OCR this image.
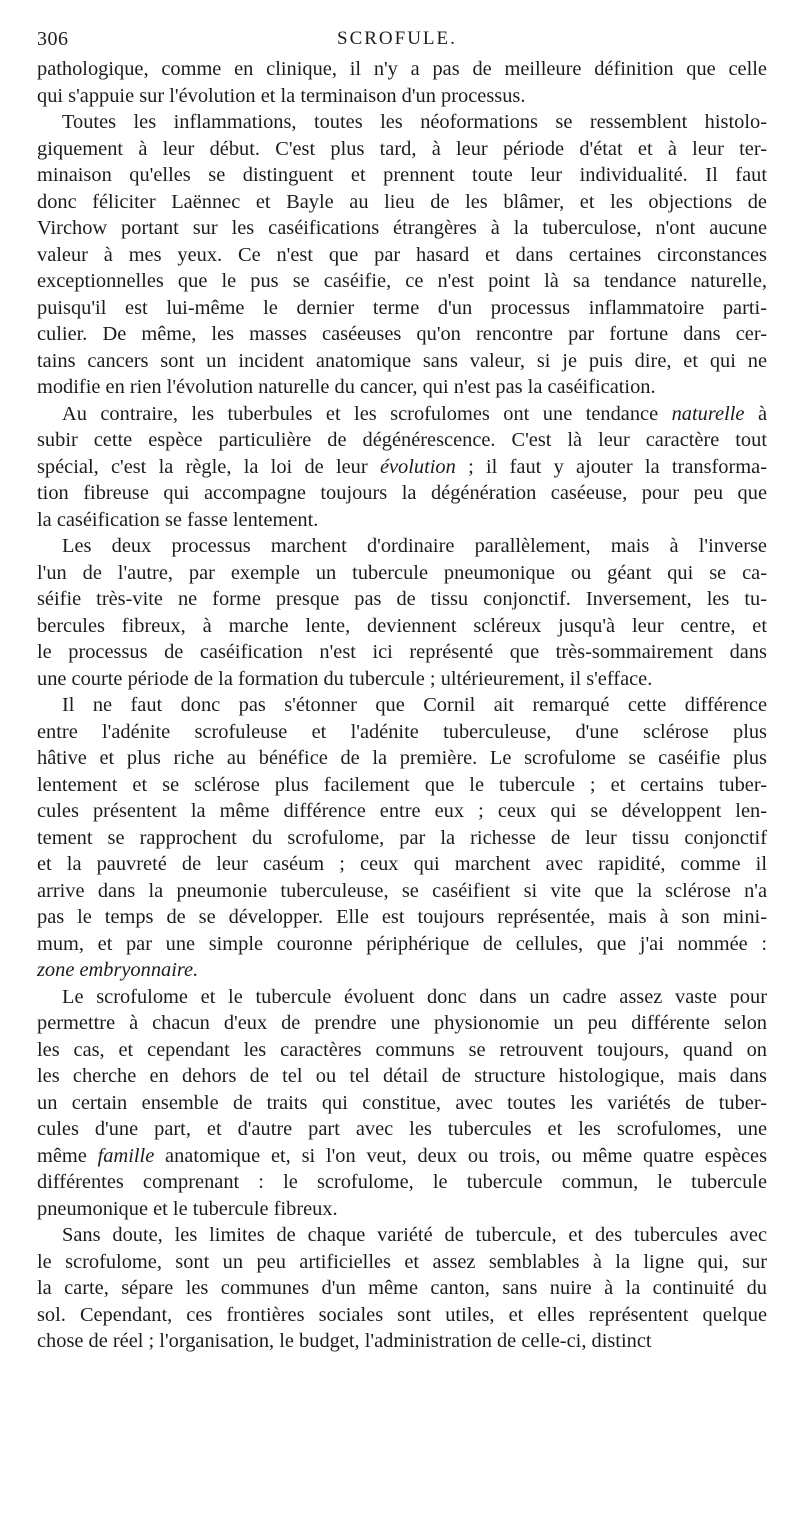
306	SCROFULE.
pathologique, comme en clinique, il n'y a pas de meilleure définition que celle
qui s'appuie sur l'évolution et la terminaison d'un processus.
Toutes les inflammations, toutes les néoformations se ressemblent histolo-
giquement à leur début. C'est plus tard, à leur période d'état et à leur ter-
minaison qu'elles se distinguent et prennent toute leur individualité. Il faut
donc féliciter Laënnec et Bayle au lieu de les blâmer, et les objections de
Virchow portant sur les caséifications étrangères à la tuberculose, n'ont aucune
valeur à mes yeux. Ce n'est que par hasard et dans certaines circonstances
exceptionnelles que le pus se caséifie, ce n'est point là sa tendance naturelle,
puisqu'il est lui-même le dernier terme d'un processus inflammatoire parti-
culier. De même, les masses caséeuses qu'on rencontre par fortune dans cer-
tains cancers sont un incident anatomique sans valeur, si je puis dire, et qui ne
modifie en rien l'évolution naturelle du cancer, qui n'est pas la caséification.
Au contraire, les tuberbules et les scrofulomes ont une tendance naturelle à
subir cette espèce particulière de dégénérescence. C'est là leur caractère tout
spécial, c'est la règle, la loi de leur évolution ; il faut y ajouter la transforma-
tion fibreuse qui accompagne toujours la dégénération caséeuse, pour peu que
la caséification se fasse lentement.
Les deux processus marchent d'ordinaire parallèlement, mais à l'inverse
l'un de l'autre, par exemple un tubercule pneumonique ou géant qui se ca-
séifie très-vite ne forme presque pas de tissu conjonctif. Inversement, les tu-
bercules fibreux, à marche lente, deviennent scléreux jusqu'à leur centre, et
le processus de caséification n'est ici représenté que très-sommairement dans
une courte période de la formation du tubercule ; ultérieurement, il s'efface.
Il ne faut donc pas s'étonner que Cornil ait remarqué cette différence
entre l'adénite scrofuleuse et l'adénite tuberculeuse, d'une sclérose plus
hâtive et plus riche au bénéfice de la première. Le scrofulome se caséifie plus
lentement et se sclérose plus facilement que le tubercule ; et certains tuber-
cules présentent la même différence entre eux ; ceux qui se développent len-
tement se rapprochent du scrofulome, par la richesse de leur tissu conjonctif
et la pauvreté de leur caséum ; ceux qui marchent avec rapidité, comme il
arrive dans la pneumonie tuberculeuse, se caséifient si vite que la sclérose n'a
pas le temps de se développer. Elle est toujours représentée, mais à son mini-
mum, et par une simple couronne périphérique de cellules, que j'ai nommée :
zone embryonnaire.
Le scrofulome et le tubercule évoluent donc dans un cadre assez vaste pour
permettre à chacun d'eux de prendre une physionomie un peu différente selon
les cas, et cependant les caractères communs se retrouvent toujours, quand on
les cherche en dehors de tel ou tel détail de structure histologique, mais dans
un certain ensemble de traits qui constitue, avec toutes les variétés de tuber-
cules d'une part, et d'autre part avec les tubercules et les scrofulomes, une
même famille anatomique et, si l'on veut, deux ou trois, ou même quatre espèces
différentes comprenant : le scrofulome, le tubercule commun, le tubercule
pneumonique et le tubercule fibreux.
Sans doute, les limites de chaque variété de tubercule, et des tubercules avec
le scrofulome, sont un peu artificielles et assez semblables à la ligne qui, sur
la carte, sépare les communes d'un même canton, sans nuire à la continuité du
sol. Cependant, ces frontières sociales sont utiles, et elles représentent quelque
chose de réel ; l'organisation, le budget, l'administration de celle-ci, distinct
